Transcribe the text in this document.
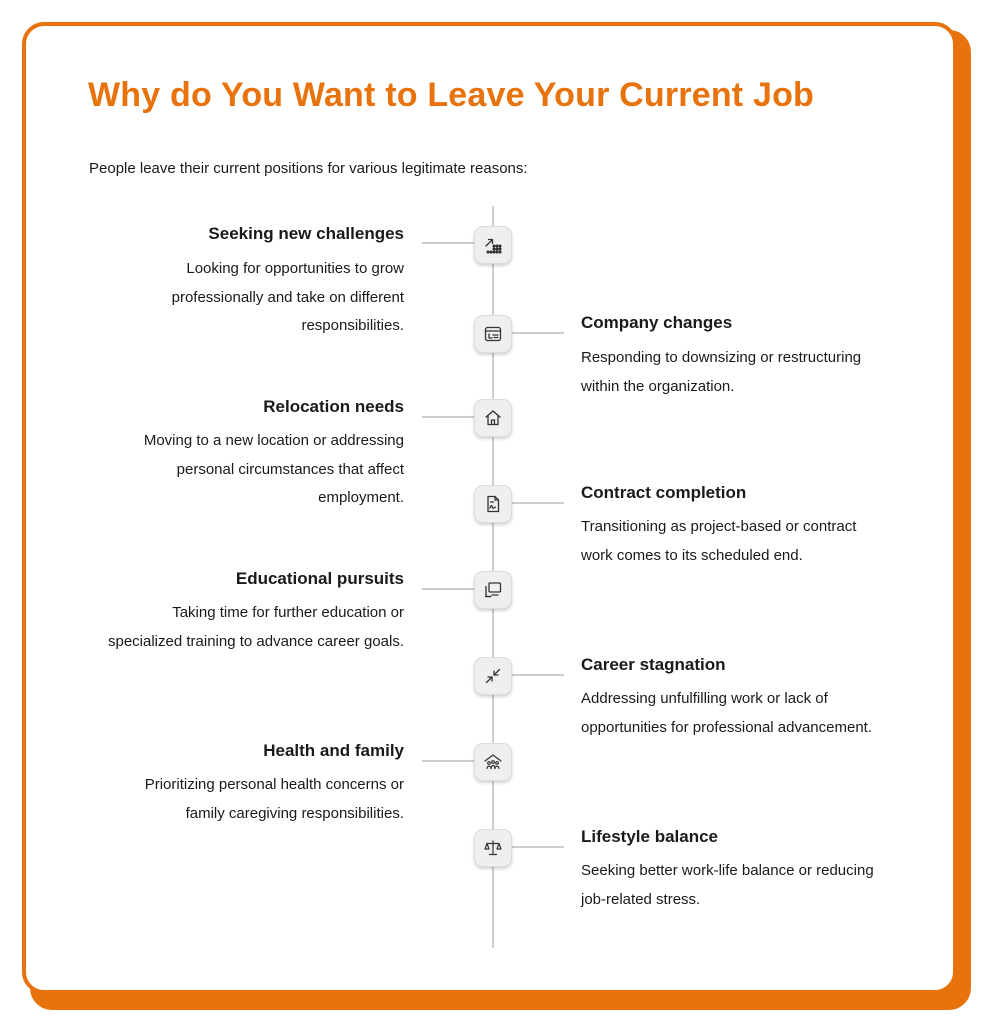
Why do You Want to Leave Your Current Job

People leave their current positions for various legitimate reasons:

Seeking new challenges

Looking for opportunities to grow professionally and take on different responsibilities.	Company changes

Responding to downsizing or restructuring within the organization.

Relocation needs

Moving to a new location or addressing personal circumstances that affect employment.	Contract completion

Transitioning as project-based or contract work comes to its scheduled end.

Educational pursuits

Taking time for further education or specialized training to advance career goals.

Career stagnation

Addressing unfulfilling work or lack of opportunities for professional advancement.

Health and family

Prioritizing personal health concerns or family caregiving responsibilities.

Lifestyle balance

Seeking better work-life balance or reducing job-related stress.
